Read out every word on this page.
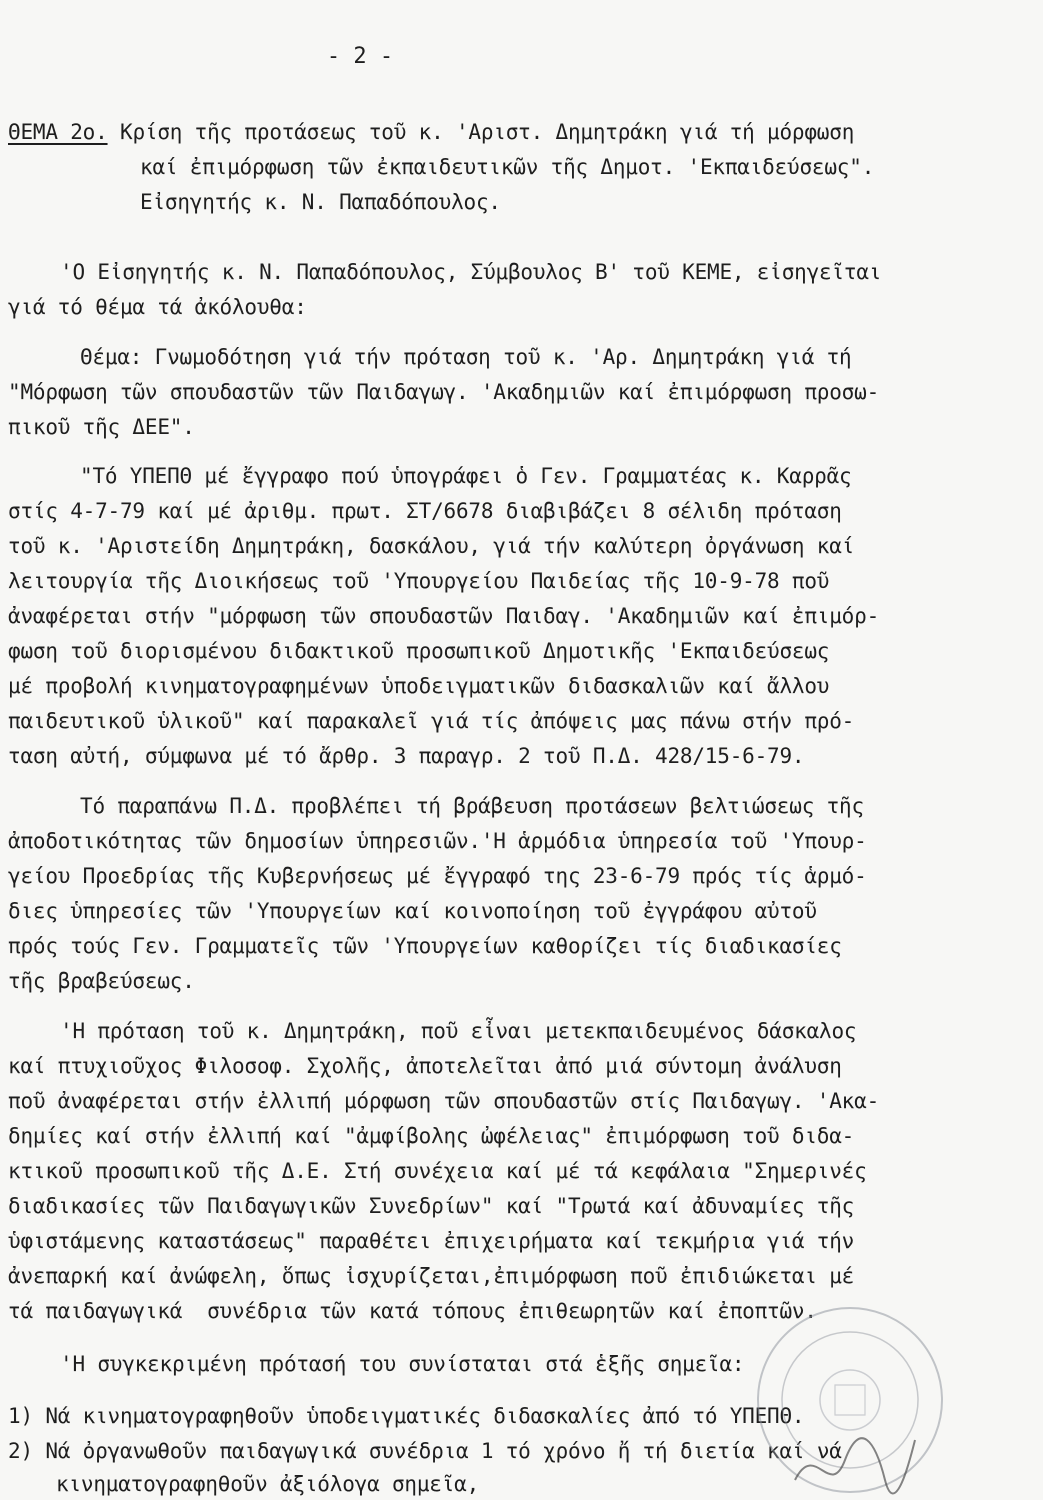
- 2 -
ΘΕΜΑ 2ο. Κρίση τῆς προτάσεως τοῦ κ. 'Αριστ. Δημητράκη γιά τή μόρφωση
καί ἐπιμόρφωση τῶν ἐκπαιδευτικῶν τῆς Δημοτ. 'Εκπαιδεύσεως".
Εἰσηγητής κ. Ν. Παπαδόπουλος.
'Ο Εἰσηγητής κ. Ν. Παπαδόπουλος, Σύμβουλος Β' τοῦ ΚΕΜΕ, εἰσηγεῖται
γιά τό θέμα τά ἀκόλουθα:
Θέμα: Γνωμοδότηση γιά τήν πρόταση τοῦ κ. 'Αρ. Δημητράκη γιά τή
"Μόρφωση τῶν σπουδαστῶν τῶν Παιδαγωγ. 'Ακαδημιῶν καί ἐπιμόρφωση προσω-
πικοῦ τῆς ΔΕΕ".
"Τό ΥΠΕΠΘ μέ ἔγγραφο πού ὑπογράφει ὁ Γεν. Γραμματέας κ. Καρρᾶς
στίς 4-7-79 καί μέ ἀριθμ. πρωτ. ΣΤ/6678 διαβιβάζει 8 σέλιδη πρόταση
τοῦ κ. 'Αριστείδη Δημητράκη, δασκάλου, γιά τήν καλύτερη ὀργάνωση καί
λειτουργία τῆς Διοικήσεως τοῦ 'Υπουργείου Παιδείας τῆς 10-9-78 ποῦ
ἀναφέρεται στήν "μόρφωση τῶν σπουδαστῶν Παιδαγ. 'Ακαδημιῶν καί ἐπιμόρ-
φωση τοῦ διορισμένου διδακτικοῦ προσωπικοῦ Δημοτικῆς 'Εκπαιδεύσεως
μέ προβολή κινηματογραφημένων ὑποδειγματικῶν διδασκαλιῶν καί ἄλλου
παιδευτικοῦ ὑλικοῦ" καί παρακαλεῖ γιά τίς ἀπόψεις μας πάνω στήν πρό-
ταση αὐτή, σύμφωνα μέ τό ἄρθρ. 3 παραγρ. 2 τοῦ Π.Δ. 428/15-6-79.
Τό παραπάνω Π.Δ. προβλέπει τή βράβευση προτάσεων βελτιώσεως τῆς
ἀποδοτικότητας τῶν δημοσίων ὑπηρεσιῶν.'Η ἁρμόδια ὑπηρεσία τοῦ 'Υπουρ-
γείου Προεδρίας τῆς Κυβερνήσεως μέ ἔγγραφό της 23-6-79 πρός τίς ἁρμό-
διες ὑπηρεσίες τῶν 'Υπουργείων καί κοινοποίηση τοῦ ἐγγράφου αὐτοῦ
πρός τούς Γεν. Γραμματεῖς τῶν 'Υπουργείων καθορίζει τίς διαδικασίες
τῆς βραβεύσεως.
'Η πρόταση τοῦ κ. Δημητράκη, ποῦ εἶναι μετεκπαιδευμένος δάσκαλος
καί πτυχιοῦχος Φιλοσοφ. Σχολῆς, ἀποτελεῖται ἀπό μιά σύντομη ἀνάλυση
ποῦ ἀναφέρεται στήν ἐλλιπή μόρφωση τῶν σπουδαστῶν στίς Παιδαγωγ. 'Ακα-
δημίες καί στήν ἐλλιπή καί "ἀμφίβολης ὠφέλειας" ἐπιμόρφωση τοῦ διδα-
κτικοῦ προσωπικοῦ τῆς Δ.Ε. Στή συνέχεια καί μέ τά κεφάλαια "Σημερινές
διαδικασίες τῶν Παιδαγωγικῶν Συνεδρίων" καί "Τρωτά καί ἀδυναμίες τῆς
ὑφιστάμενης καταστάσεως" παραθέτει ἐπιχειρήματα καί τεκμήρια γιά τήν
ἀνεπαρκή καί ἀνώφελη, ὅπως ἰσχυρίζεται,ἐπιμόρφωση ποῦ ἐπιδιώκεται μέ
τά παιδαγωγικά  συνέδρια τῶν κατά τόπους ἐπιθεωρητῶν καί ἐποπτῶν.
'Η συγκεκριμένη πρότασή του συνίσταται στά ἑξῆς σημεῖα:
1) Νά κινηματογραφηθοῦν ὑποδειγματικές διδασκαλίες ἀπό τό ΥΠΕΠΘ.
2) Νά ὀργανωθοῦν παιδαγωγικά συνέδρια 1 τό χρόνο ἤ τή διετία καί νά
κινηματογραφηθοῦν ἀξιόλογα σημεῖα,
